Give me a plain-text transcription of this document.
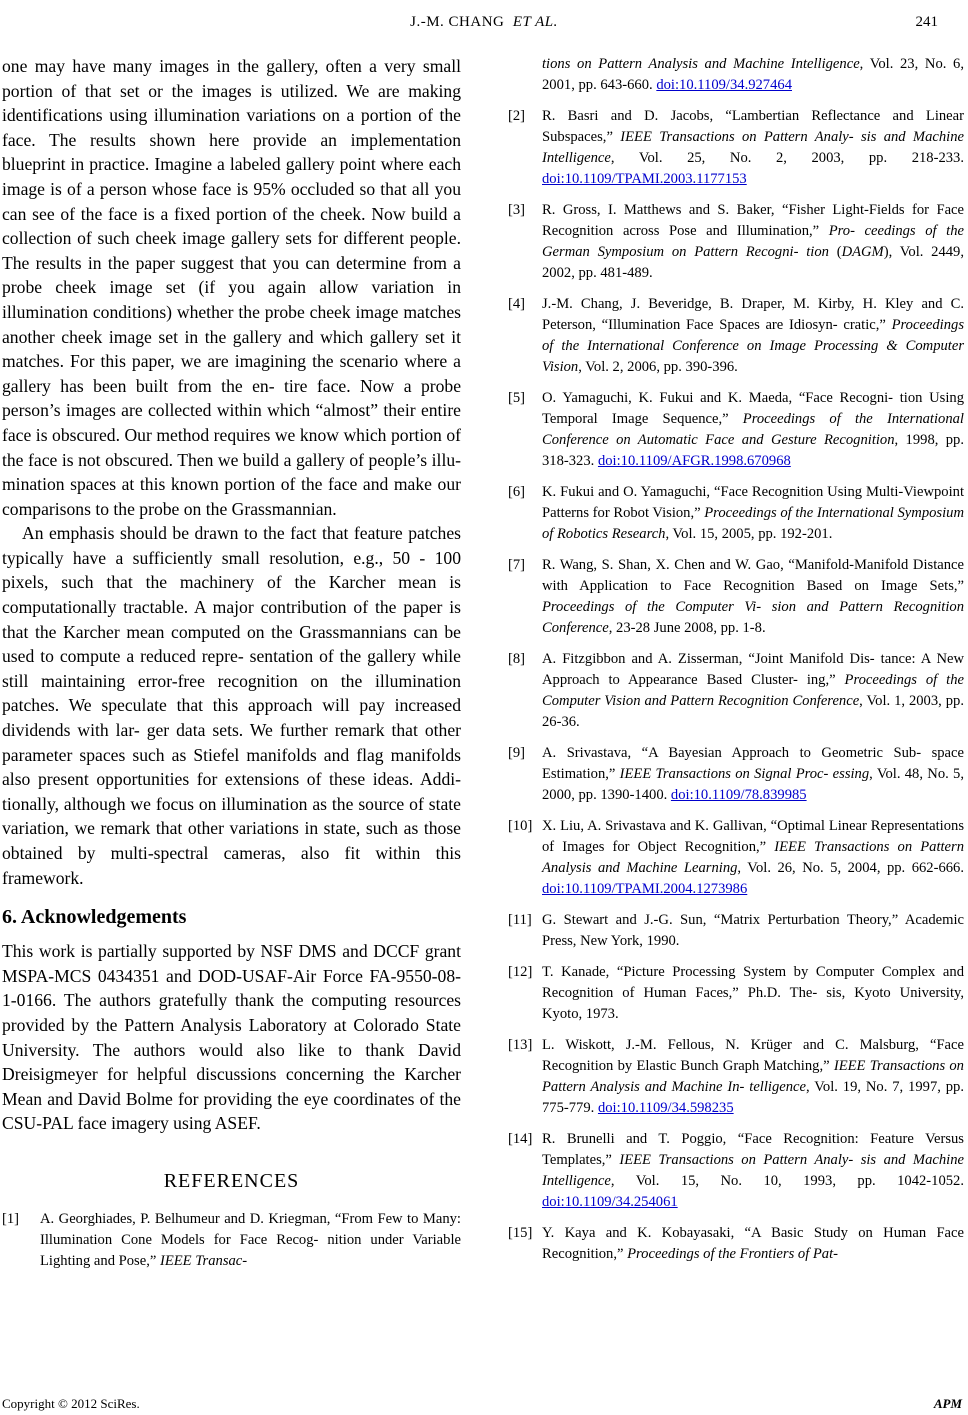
J.-M. CHANG ET AL.	241

one may have many images in the gallery, often a very small portion of that set or the images is utilized. We are making identifications using illumination variations on a portion of the face. The results shown here provide an implementation blueprint in practice. Imagine a labeled gallery point where each image is of a person whose face is 95% occluded so that all you can see of the face is a fixed portion of the cheek. Now build a collection of such cheek image gallery sets for different people. The results in the paper suggest that you can determine from a probe cheek image set (if you again allow variation in illumination conditions) whether the probe cheek image matches another cheek image set in the gallery and which gallery set it matches. For this paper, we are imagining the scenario where a gallery has been built from the en- tire face. Now a probe person’s images are collected within which “almost” their entire face is obscured. Our method requires we know which portion of the face is not obscured. Then we build a gallery of people’s illu- mination spaces at this known portion of the face and make our comparisons to the probe on the Grassmannian.

An emphasis should be drawn to the fact that feature patches typically have a sufficiently small resolution, e.g., 50 - 100 pixels, such that the machinery of the Karcher mean is computationally tractable. A major contribution of the paper is that the Karcher mean computed on the Grassmannians can be used to compute a reduced repre- sentation of the gallery while still maintaining error-free recognition on the illumination patches. We speculate that this approach will pay increased dividends with lar- ger data sets. We further remark that other parameter spaces such as Stiefel manifolds and flag manifolds also present opportunities for extensions of these ideas. Addi- tionally, although we focus on illumination as the source of state variation, we remark that other variations in state, such as those obtained by multi-spectral cameras, also fit within this framework.

6. Acknowledgements

This work is partially supported by NSF DMS and DCCF grant MSPA-MCS 0434351 and DOD-USAF-Air Force FA-9550-08-1-0166. The authors gratefully thank the computing resources provided by the Pattern Analysis Laboratory at Colorado State University. The authors would also like to thank David Dreisigmeyer for helpful discussions concerning the Karcher Mean and David Bolme for providing the eye coordinates of the CSU-PAL face imagery using ASEF.

REFERENCES
[1] A. Georghiades, P. Belhumeur and D. Kriegman, “From Few to Many: Illumination Cone Models for Face Recog- nition under Variable Lighting and Pose,” IEEE Transac-
tions on Pattern Analysis and Machine Intelligence, Vol. 23, No. 6, 2001, pp. 643-660. doi:10.1109/34.927464
[2] R. Basri and D. Jacobs, “Lambertian Reflectance and Linear Subspaces,” IEEE Transactions on Pattern Analy- sis and Machine Intelligence, Vol. 25, No. 2, 2003, pp. 218-233. doi:10.1109/TPAMI.2003.1177153
[3] R. Gross, I. Matthews and S. Baker, “Fisher Light-Fields for Face Recognition across Pose and Illumination,” Pro- ceedings of the German Symposium on Pattern Recogni- tion (DAGM), Vol. 2449, 2002, pp. 481-489.
[4] J.-M. Chang, J. Beveridge, B. Draper, M. Kirby, H. Kley and C. Peterson, “Illumination Face Spaces are Idiosyn- cratic,” Proceedings of the International Conference on Image Processing & Computer Vision, Vol. 2, 2006, pp. 390-396.
[5] O. Yamaguchi, K. Fukui and K. Maeda, “Face Recogni- tion Using Temporal Image Sequence,” Proceedings of the International Conference on Automatic Face and Gesture Recognition, 1998, pp. 318-323. doi:10.1109/AFGR.1998.670968
[6] K. Fukui and O. Yamaguchi, “Face Recognition Using Multi-Viewpoint Patterns for Robot Vision,” Proceedings of the International Symposium of Robotics Research, Vol. 15, 2005, pp. 192-201.
[7] R. Wang, S. Shan, X. Chen and W. Gao, “Manifold-Manifold Distance with Application to Face Recognition Based on Image Sets,” Proceedings of the Computer Vi- sion and Pattern Recognition Conference, 23-28 June 2008, pp. 1-8.
[8] A. Fitzgibbon and A. Zisserman, “Joint Manifold Dis- tance: A New Approach to Appearance Based Cluster- ing,” Proceedings of the Computer Vision and Pattern Recognition Conference, Vol. 1, 2003, pp. 26-36.
[9] A. Srivastava, “A Bayesian Approach to Geometric Sub- space Estimation,” IEEE Transactions on Signal Proc- essing, Vol. 48, No. 5, 2000, pp. 1390-1400. doi:10.1109/78.839985
[10] X. Liu, A. Srivastava and K. Gallivan, “Optimal Linear Representations of Images for Object Recognition,” IEEE Transactions on Pattern Analysis and Machine Learning, Vol. 26, No. 5, 2004, pp. 662-666. doi:10.1109/TPAMI.2004.1273986
[11] G. Stewart and J.-G. Sun, “Matrix Perturbation Theory,” Academic Press, New York, 1990.
[12] T. Kanade, “Picture Processing System by Computer Complex and Recognition of Human Faces,” Ph.D. The- sis, Kyoto University, Kyoto, 1973.
[13] L. Wiskott, J.-M. Fellous, N. Krüger and C. Malsburg, “Face Recognition by Elastic Bunch Graph Matching,” IEEE Transactions on Pattern Analysis and Machine In- telligence, Vol. 19, No. 7, 1997, pp. 775-779. doi:10.1109/34.598235
[14] R. Brunelli and T. Poggio, “Face Recognition: Feature Versus Templates,” IEEE Transactions on Pattern Analy- sis and Machine Intelligence, Vol. 15, No. 10, 1993, pp. 1042-1052. doi:10.1109/34.254061
[15] Y. Kaya and K. Kobayasaki, “A Basic Study on Human Face Recognition,” Proceedings of the Frontiers of Pat-
Copyright © 2012 SciRes.	APM
